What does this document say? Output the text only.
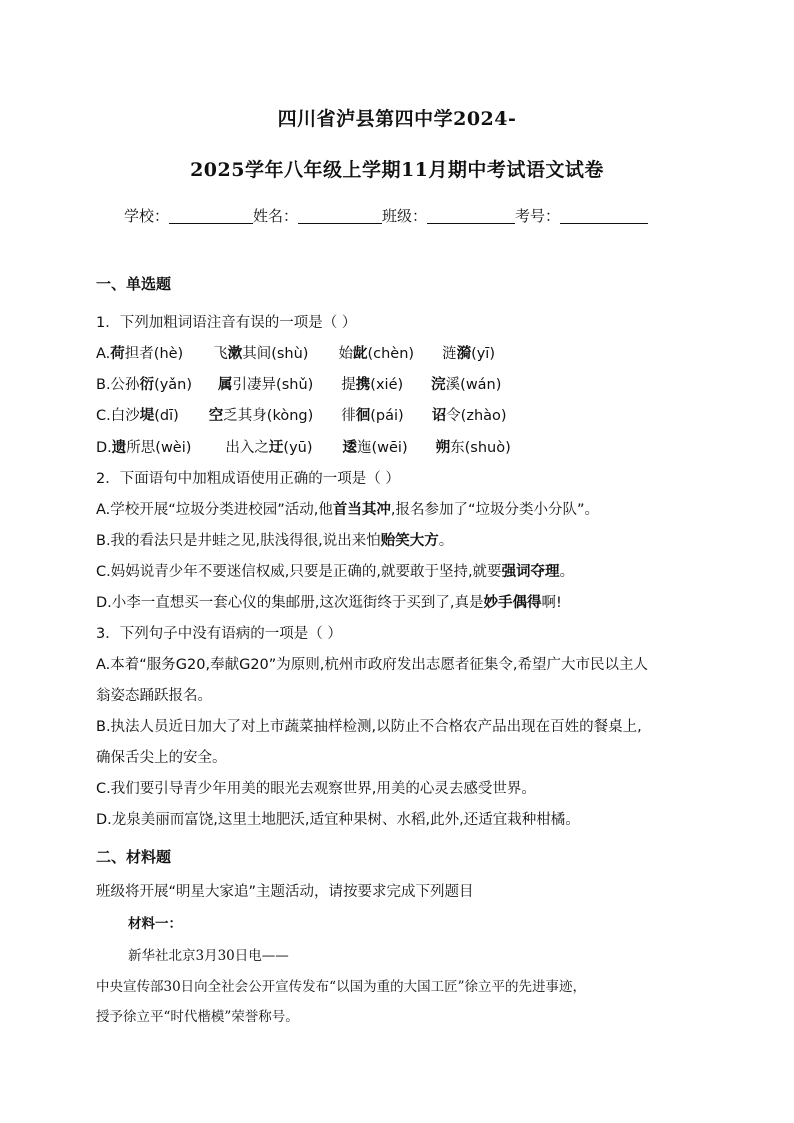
四川省泸县第四中学2024-
2025学年八年级上学期11月期中考试语文试卷
学校：	姓名：	班级：	考号：
一、单选题
1．下列加粗词语注音有误的一项是（ ）
A.荷担者(hè) 飞漱其间(shù) 始龀(chèn) 涟漪(yī)
B.公孙衍(yǎn) 属引凄异(shǔ) 提携(xié) 浣溪(wán)
C.白沙堤(dī) 空乏其身(kòng) 徘徊(pái) 诏令(zhào)
D.遗所思(wèi) 出入之迂(yū) 逶迤(wēi) 朔东(shuò)
2．下面语句中加粗成语使用正确的一项是（ ）
A.学校开展“垃圾分类进校园”活动,他首当其冲,报名参加了“垃圾分类小分队”。
B.我的看法只是井蛙之见,肤浅得很,说出来怕贻笑大方。
C.妈妈说青少年不要迷信权威,只要是正确的,就要敢于坚持,就要强词夺理。
D.小李一直想买一套心仪的集邮册,这次逛街终于买到了,真是妙手偶得啊!
3．下列句子中没有语病的一项是（ ）
A.本着“服务G20,奉献G20”为原则,杭州市政府发出志愿者征集令,希望广大市民以主人
翁姿态踊跃报名。
B.执法人员近日加大了对上市蔬菜抽样检测,以防止不合格农产品出现在百姓的餐桌上,
确保舌尖上的安全。
C.我们要引导青少年用美的眼光去观察世界,用美的心灵去感受世界。
D.龙泉美丽而富饶,这里土地肥沃,适宜种果树、水稻,此外,还适宜栽种柑橘。
二、材料题
班级将开展“明星大家追”主题活动，请按要求完成下列题目
材料一：
新华社北京3月30日电——
中央宣传部30日向全社会公开宣传发布“以国为重的大国工匠”徐立平的先进事迹，
授予徐立平“时代楷模”荣誉称号。
